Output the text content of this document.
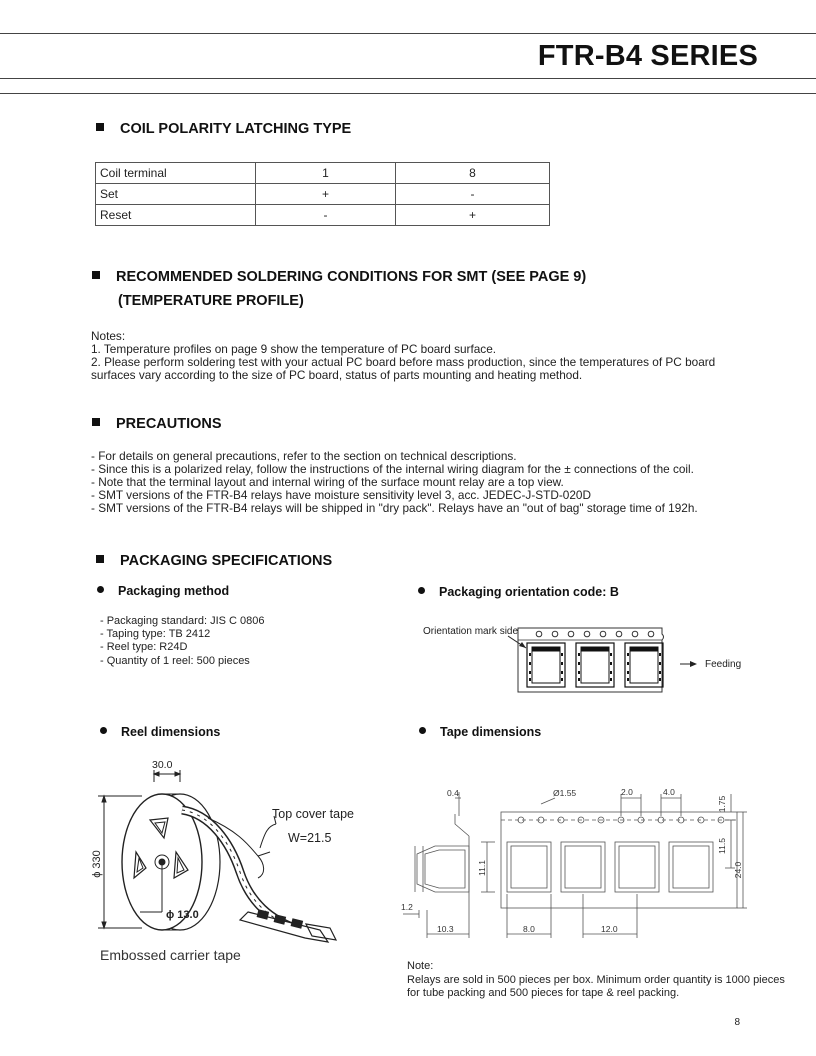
FTR-B4 SERIES
COIL POLARITY LATCHING TYPE
Coil terminal	1	8
Set	+	-
Reset	-	+
RECOMMENDED SOLDERING CONDITIONS FOR SMT (SEE PAGE 9)
(TEMPERATURE PROFILE)
Notes:
1. Temperature profiles on page 9 show the temperature of PC board surface.
2. Please perform soldering test with your actual PC board before mass production, since the temperatures of PC board
surfaces vary according to the size of PC board, status of parts mounting and heating method.
PRECAUTIONS
- For details on general precautions, refer to the section on technical descriptions.
- Since this is a polarized relay, follow the instructions of the internal wiring diagram for the ± connections of the coil.
- Note that the terminal layout and internal wiring of the surface mount relay are a top view.
- SMT versions of the FTR-B4 relays have moisture sensitivity level 3, acc. JEDEC-J-STD-020D
- SMT versions of the FTR-B4 relays will be shipped in "dry pack". Relays have an "out of bag" storage time of 192h.
PACKAGING SPECIFICATIONS
Packaging method
- Packaging standard: JIS C 0806
- Taping type: TB 2412
- Reel type: R24D
- Quantity of 1 reel: 500 pieces
Packaging orientation code: B
Orientation mark side
Feeding
Reel dimensions
30.0
ϕ 330
ϕ 13.0
Top cover tape
W=21.5
Embossed carrier tape
Tape dimensions
0.4	Ø1.55	2.0	4.0
1.75
11.5
11.1	24.0
1.2
10.3	8.0	12.0
Note:
Relays are sold in 500 pieces per box. Minimum order quantity is 1000 pieces
for tube packing and 500 pieces for tape & reel packing.
8
